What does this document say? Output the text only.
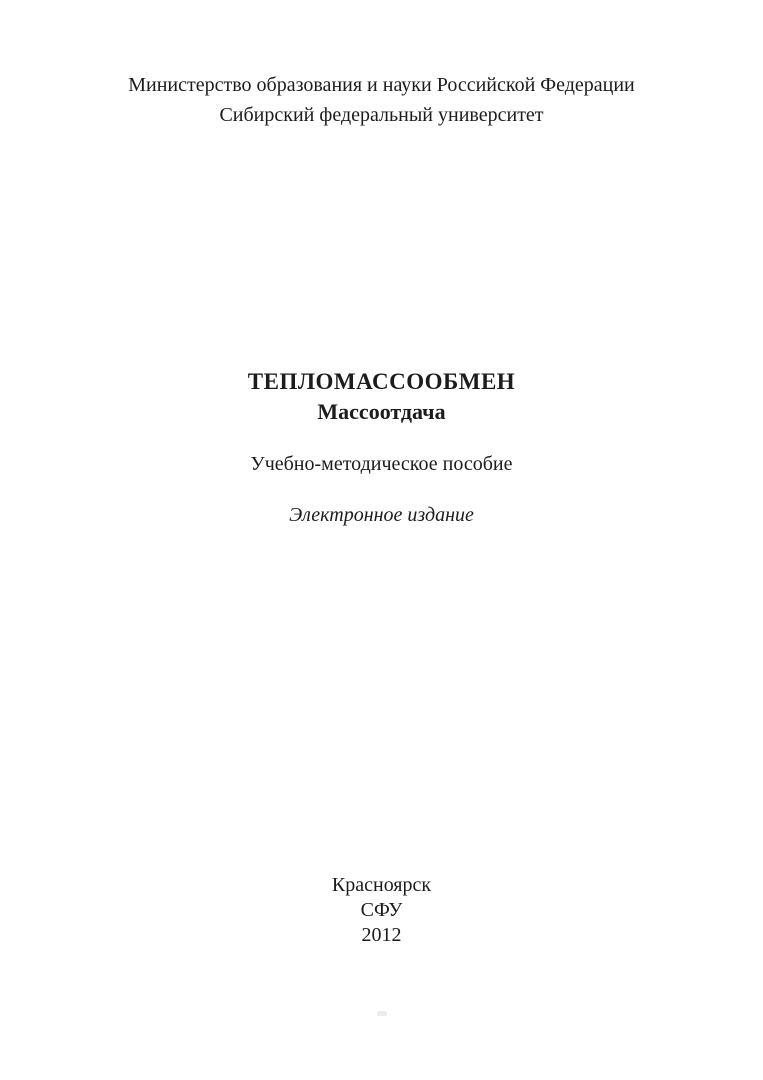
Министерство образования и науки Российской Федерации
Сибирский федеральный университет
ТЕПЛОМАССООБМЕН
Массоотдача
Учебно-методическое пособие
Электронное издание
Красноярск
СФУ
2012
